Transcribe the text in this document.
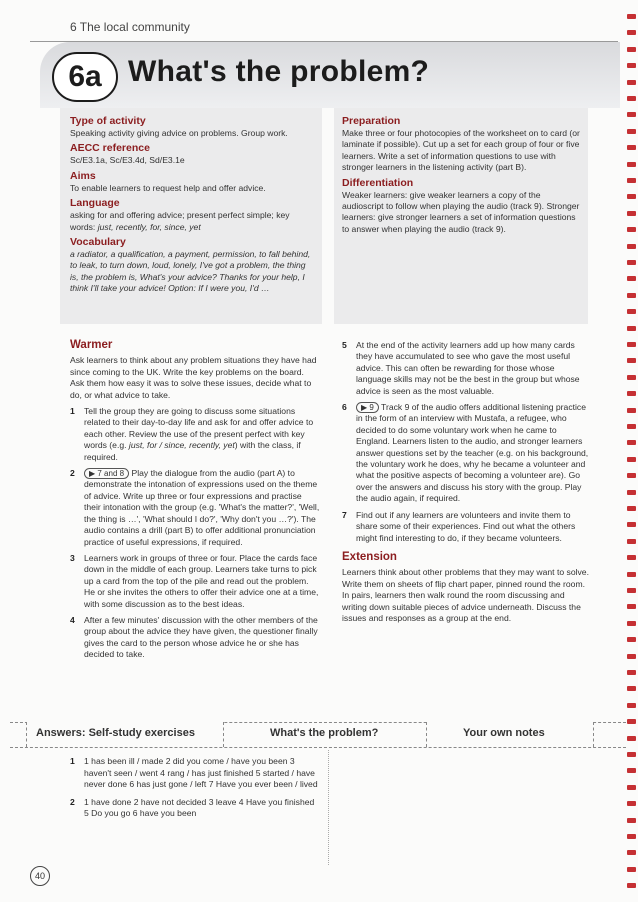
6 The local community
6a What's the problem?
Type of activity
Speaking activity giving advice on problems. Group work.
AECC reference
Sc/E3.1a, Sc/E3.4d, Sd/E3.1e
Aims
To enable learners to request help and offer advice.
Language
asking for and offering advice; present perfect simple; key words: just, recently, for, since, yet
Vocabulary
a radiator, a qualification, a payment, permission, to fall behind, to leak, to turn down, loud, lonely, I've got a problem, the thing is, the problem is, What's your advice? Thanks for your help, I think I'll take your advice! Option: If I were you, I'd …
Preparation
Make three or four photocopies of the worksheet on to card (or laminate if possible). Cut up a set for each group of four or five learners. Write a set of information questions to use with stronger learners in the listening activity (part B).
Differentiation
Weaker learners: give weaker learners a copy of the audioscript to follow when playing the audio (track 9). Stronger learners: give stronger learners a set of information questions to answer when playing the audio (track 9).
Warmer
Ask learners to think about any problem situations they have had since coming to the UK. Write the key problems on the board. Ask them how easy it was to solve these issues, decide what to do, or what advice to take.
1 Tell the group they are going to discuss some situations related to their day-to-day life and ask for and offer advice to each other. Review the use of the present perfect with key words (e.g. just, for / since, recently, yet) with the class, if required.
2 ▶ 7 and 8 Play the dialogue from the audio (part A) to demonstrate the intonation of expressions used on the theme of advice. Write up three or four expressions and practise their intonation with the group (e.g. 'What's the matter?', 'Well, the thing is …', 'What should I do?', 'Why don't you …?'). The audio contains a drill (part B) to offer additional pronunciation practice of useful expressions, if required.
3 Learners work in groups of three or four. Place the cards face down in the middle of each group. Learners take turns to pick up a card from the top of the pile and read out the problem. He or she invites the others to offer their advice one at a time, with some discussion as to the best ideas.
4 After a few minutes' discussion with the other members of the group about the advice they have given, the questioner finally gives the card to the person whose advice he or she has decided to take.
5 At the end of the activity learners add up how many cards they have accumulated to see who gave the most useful advice. This can often be rewarding for those whose language skills may not be the best in the group but whose advice is seen as the most valuable.
6 ▶ 9 Track 9 of the audio offers additional listening practice in the form of an interview with Mustafa, a refugee, who decided to do some voluntary work when he came to England. Learners listen to the audio, and stronger learners answer questions set by the teacher (e.g. on his background, the voluntary work he does, why he became a volunteer and what the positive aspects of becoming a volunteer are). Go over the answers and discuss his story with the group. Play the audio again, if required.
7 Find out if any learners are volunteers and invite them to share some of their experiences. Find out what the others might find interesting to do, if they became volunteers.
Extension
Learners think about other problems that they may want to solve. Write them on sheets of flip chart paper, pinned round the room. In pairs, learners then walk round the room discussing and writing down suitable pieces of advice underneath. Discuss the issues and responses as a group at the end.
Answers: Self-study exercises	What's the problem?	Your own notes
1 1 has been ill / made 2 did you come / have you been 3 haven't seen / went 4 rang / has just finished 5 started / have never done 6 has just gone / left 7 Have you ever been / lived
2 1 have done 2 have not decided 3 leave 4 Have you finished 5 Do you go 6 have you been
40
